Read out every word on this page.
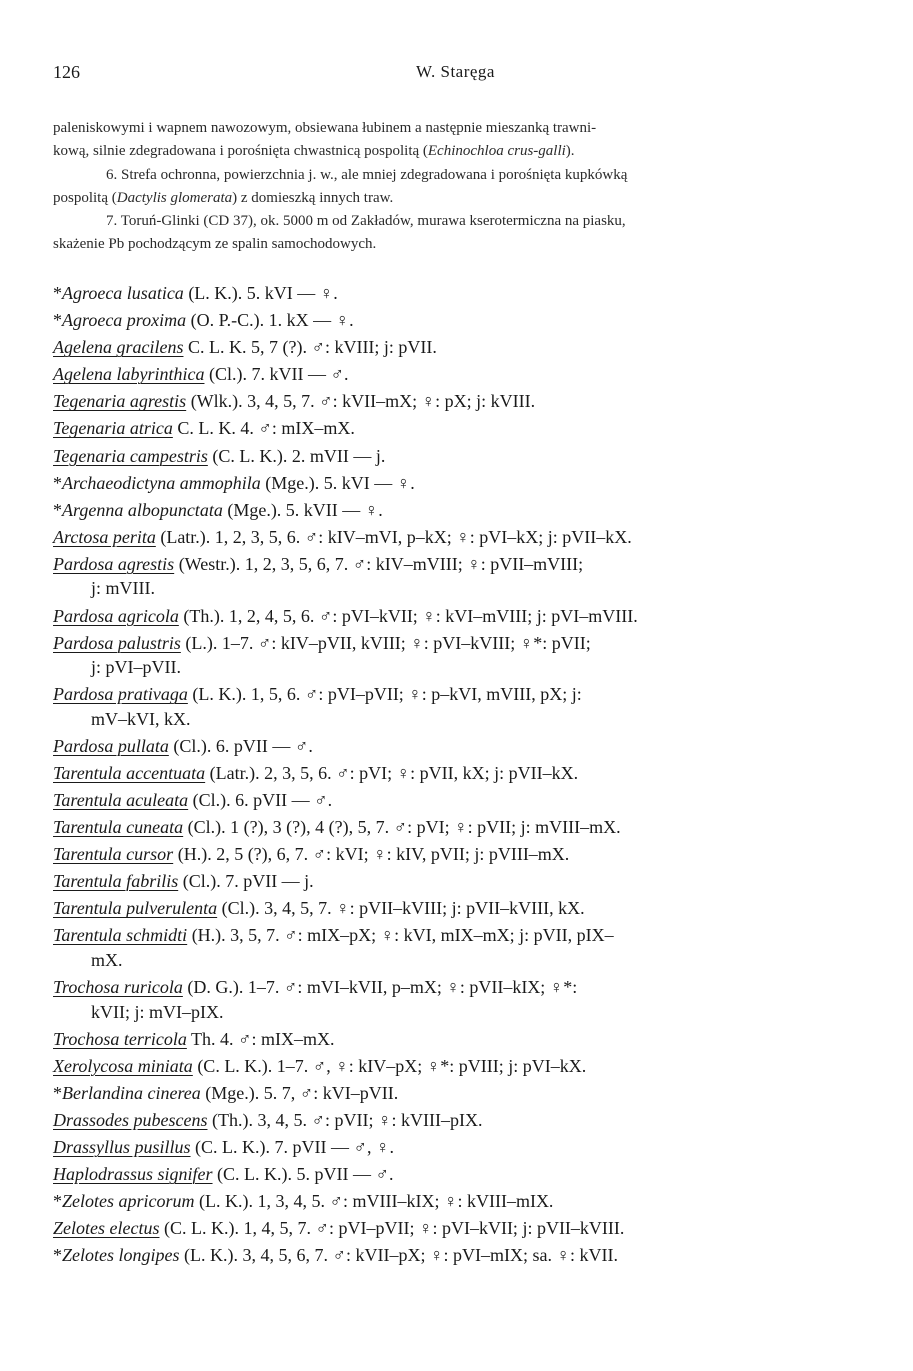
126	W. Staręga

paleniskowymi i wapnem nawozowym, obsiewana łubinem a następnie mieszanką trawni-

kową, silnie zdegradowana i porośnięta chwastnicą pospolitą (Echinochloa crus-galli).

6. Strefa ochronna, powierzchnia j. w., ale mniej zdegradowana i porośnięta kupkówką

pospolitą (Dactylis glomerata) z domieszką innych traw.

7. Toruń-Glinki (CD 37), ok. 5000 m od Zakładów, murawa kserotermiczna na piasku,

skażenie Pb pochodzącym ze spalin samochodowych.

*Agroeca lusatica (L. K.). 5. kVI — ♀.
*Agroeca proxima (O. P.-C.). 1. kX — ♀.
Agelena gracilens C. L. K. 5, 7 (?). ♂: kVIII; j: pVII.
Agelena labyrinthica (Cl.). 7. kVII — ♂.
Tegenaria agrestis (Wlk.). 3, 4, 5, 7. ♂: kVII–mX; ♀: pX; j: kVIII.
Tegenaria atrica C. L. K. 4. ♂: mIX–mX.
Tegenaria campestris (C. L. K.). 2. mVII — j.
*Archaeodictyna ammophila (Mge.). 5. kVI — ♀.
*Argenna albopunctata (Mge.). 5. kVII — ♀.
Arctosa perita (Latr.). 1, 2, 3, 5, 6. ♂: kIV–mVI, p–kX; ♀: pVI–kX; j: pVII–kX.
Pardosa agrestis (Westr.). 1, 2, 3, 5, 6, 7. ♂: kIV–mVIII; ♀: pVII–mVIII;
j: mVIII.
Pardosa agricola (Th.). 1, 2, 4, 5, 6. ♂: pVI–kVII; ♀: kVI–mVIII; j: pVI–mVIII.
Pardosa palustris (L.). 1–7. ♂: kIV–pVII, kVIII; ♀: pVI–kVIII; ♀*: pVII;
j: pVI–pVII.
Pardosa prativaga (L. K.). 1, 5, 6. ♂: pVI–pVII; ♀: p–kVI, mVIII, pX; j:
mV–kVI, kX.
Pardosa pullata (Cl.). 6. pVII — ♂.
Tarentula accentuata (Latr.). 2, 3, 5, 6. ♂: pVI; ♀: pVII, kX; j: pVII–kX.
Tarentula aculeata (Cl.). 6. pVII — ♂.
Tarentula cuneata (Cl.). 1 (?), 3 (?), 4 (?), 5, 7. ♂: pVI; ♀: pVII; j: mVIII–mX.
Tarentula cursor (H.). 2, 5 (?), 6, 7. ♂: kVI; ♀: kIV, pVII; j: pVIII–mX.
Tarentula fabrilis (Cl.). 7. pVII — j.
Tarentula pulverulenta (Cl.). 3, 4, 5, 7. ♀: pVII–kVIII; j: pVII–kVIII, kX.
Tarentula schmidti (H.). 3, 5, 7. ♂: mIX–pX; ♀: kVI, mIX–mX; j: pVII, pIX–
mX.
Trochosa ruricola (D. G.). 1–7. ♂: mVI–kVII, p–mX; ♀: pVII–kIX; ♀*:
kVII; j: mVI–pIX.
Trochosa terricola Th. 4. ♂: mIX–mX.
Xerolycosa miniata (C. L. K.). 1–7. ♂, ♀: kIV–pX; ♀*: pVIII; j: pVI–kX.
*Berlandina cinerea (Mge.). 5. 7, ♂: kVI–pVII.
Drassodes pubescens (Th.). 3, 4, 5. ♂: pVII; ♀: kVIII–pIX.
Drassyllus pusillus (C. L. K.). 7. pVII — ♂, ♀.
Haplodrassus signifer (C. L. K.). 5. pVII — ♂.
*Zelotes apricorum (L. K.). 1, 3, 4, 5. ♂: mVIII–kIX; ♀: kVIII–mIX.
Zelotes electus (C. L. K.). 1, 4, 5, 7. ♂: pVI–pVII; ♀: pVI–kVII; j: pVII–kVIII.
*Zelotes longipes (L. K.). 3, 4, 5, 6, 7. ♂: kVII–pX; ♀: pVI–mIX; sa. ♀: kVII.
